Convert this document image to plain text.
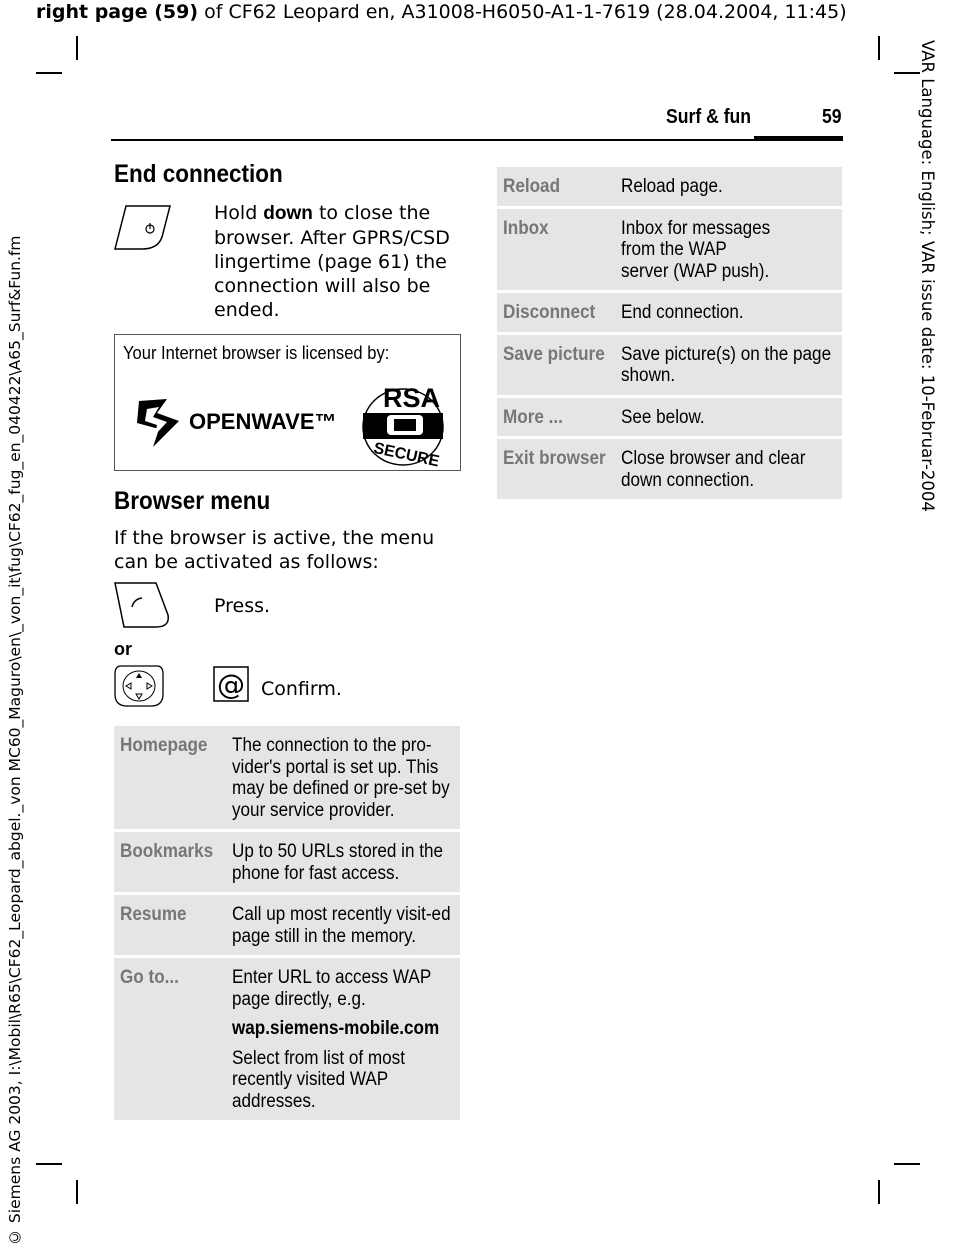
right page (59) of CF62 Leopard en, A31008-H6050-A1-1-7619 (28.04.2004, 11:45)
VAR Language: English; VAR issue date: 10-Februar-2004
© Siemens AG 2003, I:\Mobil\R65\CF62_Leopard_abgel._von MC60_Maguro\en\_von_it\fug\CF62_fug_en_040422\A65_Surf&Fun.fm
Surf & fun	59
End connection
Hold down to close the browser. After GPRS/CSD lingertime (page 61) the connection will also be ended.
Your Internet browser is licensed by:
OPENWAVE™
RSA
SECURE
Browser menu
If the browser is active, the menu can be activated as follows:
Press.
or
@ Confirm.
Homepage	The connection to the pro-vider's portal is set up. This may be defined or pre-set by your service provider.
Bookmarks	Up to 50 URLs stored in the phone for fast access.
Resume	Call up most recently visit-ed page still in the memory.
Go to...	Enter URL to access WAP page directly, e.g. wap.siemens-mobile.com Select from list of most recently visited WAP addresses.
Reload	Reload page.
Inbox	Inbox for messages from the WAP server (WAP push).
Disconnect	End connection.
Save picture	Save picture(s) on the page shown.
More ...	See below.
Exit browser	Close browser and clear down connection.
